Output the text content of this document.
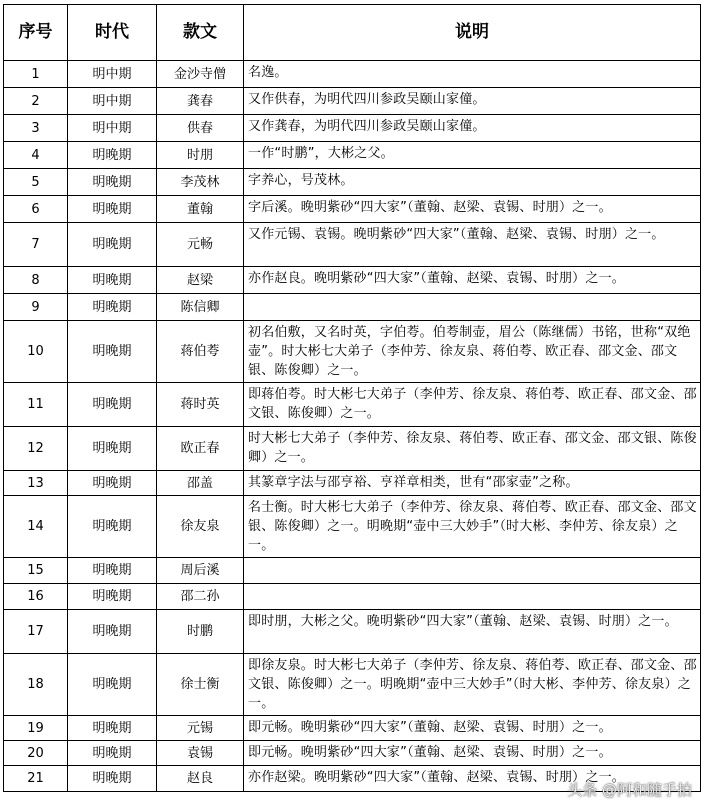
序号	时代	款文	说明
1	明中期	金沙寺僧	名逸。
2	明中期	龚春	又作供春，为明代四川参政吴颐山家僮。
3	明中期	供春	又作龚春，为明代四川参政吴颐山家僮。
4	明晚期	时朋	一作“时鹏”，大彬之父。
5	明晚期	李茂林	字养心，号茂林。
6	明晚期	董翰	字后溪。晚明紫砂“四大家”（董翰、赵梁、袁锡、时朋）之一。
7	明晚期	元畅	又作元锡、袁锡。晚明紫砂“四大家”（董翰、赵梁、袁锡、时朋）之一。
8	明晚期	赵梁	亦作赵良。晚明紫砂“四大家”（董翰、赵梁、袁锡、时朋）之一。
9	明晚期	陈信卿	
10	明晚期	蒋伯荂	初名伯敷，又名时英，字伯荂。伯荂制壶，眉公（陈继儒）书铭，世称“双绝壶”。时大彬七大弟子（李仲芳、徐友泉、蒋伯荂、欧正春、邵文金、邵文银、陈俊卿）之一。
11	明晚期	蒋时英	即蒋伯荂。时大彬七大弟子（李仲芳、徐友泉、蒋伯荂、欧正春、邵文金、邵文银、陈俊卿）之一。
12	明晚期	欧正春	时大彬七大弟子（李仲芳、徐友泉、蒋伯荂、欧正春、邵文金、邵文银、陈俊卿）之一。
13	明晚期	邵盖	其篆章字法与邵亨裕、亨祥章相类，世有“邵家壶”之称。
14	明晚期	徐友泉	名士衡。时大彬七大弟子（李仲芳、徐友泉、蒋伯荂、欧正春、邵文金、邵文银、陈俊卿）之一。明晚期“壶中三大妙手”（时大彬、李仲芳、徐友泉）之一。
15	明晚期	周后溪	
16	明晚期	邵二孙	
17	明晚期	时鹏	即时朋，大彬之父。晚明紫砂“四大家”（董翰、赵梁、袁锡、时朋）之一。
18	明晚期	徐士衡	即徐友泉。时大彬七大弟子（李仲芳、徐友泉、蒋伯荂、欧正春、邵文金、邵文银、陈俊卿）之一。明晚期“壶中三大妙手”（时大彬、李仲芳、徐友泉）之一。
19	明晚期	元锡	即元畅。晚明紫砂“四大家”（董翰、赵梁、袁锡、时朋）之一。
20	明晚期	袁锡	即元畅。晚明紫砂“四大家”（董翰、赵梁、袁锡、时朋）之一。
21	明晚期	赵良	亦作赵梁。晚明紫砂“四大家”（董翰、赵梁、袁锡、时朋）之一。
头条 @阿和随手拍
